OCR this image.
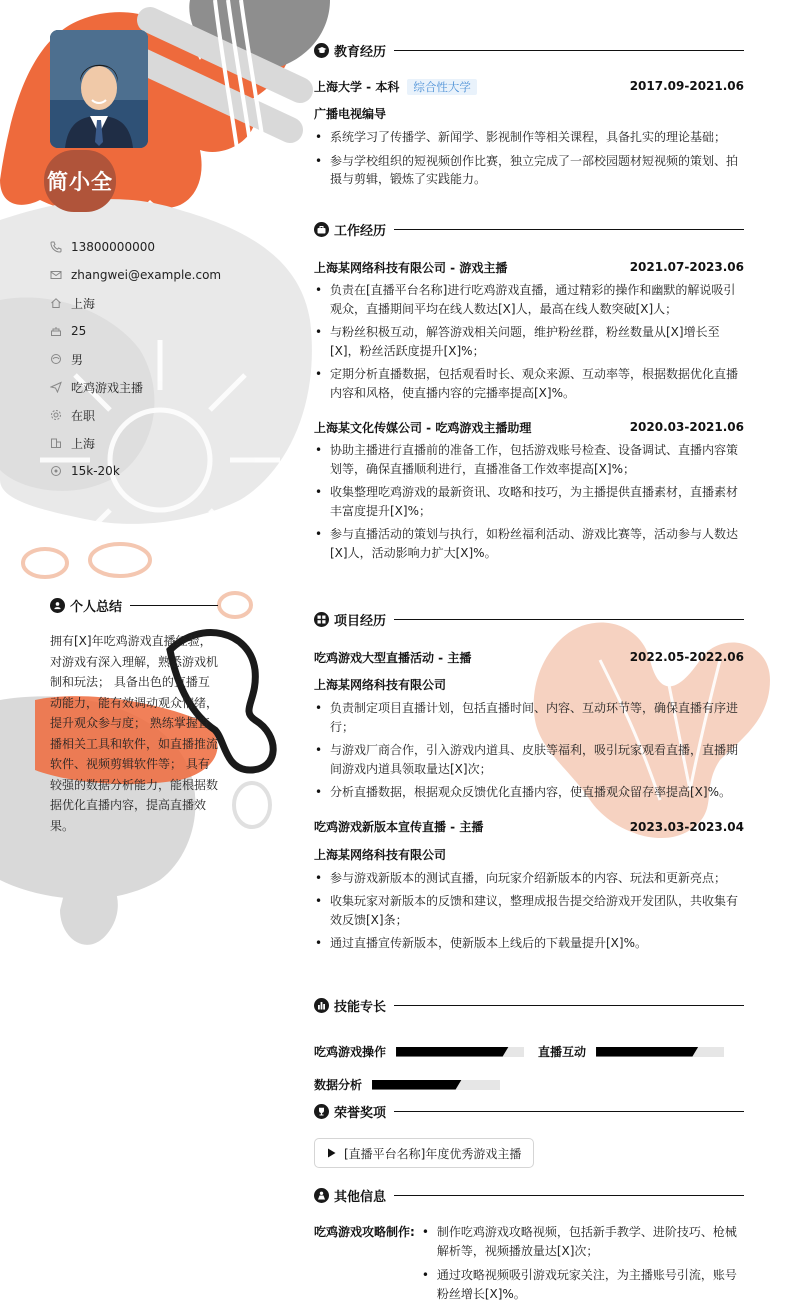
简小全
13800000000
zhangwei@example.com
上海
25
男
吃鸡游戏主播
在职
上海
15k-20k
个人总结
拥有[X]年吃鸡游戏直播经验，对游戏有深入理解，熟悉游戏机制和玩法； 具备出色的直播互动能力，能有效调动观众情绪，提升观众参与度； 熟练掌握直播相关工具和软件，如直播推流软件、视频剪辑软件等； 具有较强的数据分析能力，能根据数据优化直播内容，提高直播效果。
教育经历
上海大学 - 本科 综合性大学	2017.09-2021.06
广播电视编导
• 系统学习了传播学、新闻学、影视制作等相关课程，具备扎实的理论基础；
• 参与学校组织的短视频创作比赛，独立完成了一部校园题材短视频的策划、拍摄与剪辑，锻炼了实践能力。
工作经历
上海某网络科技有限公司 - 游戏主播	2021.07-2023.06
• 负责在[直播平台名称]进行吃鸡游戏直播，通过精彩的操作和幽默的解说吸引观众，直播期间平均在线人数达[X]人，最高在线人数突破[X]人；
• 与粉丝积极互动，解答游戏相关问题，维护粉丝群，粉丝数量从[X]增长至[X]，粉丝活跃度提升[X]%；
• 定期分析直播数据，包括观看时长、观众来源、互动率等，根据数据优化直播内容和风格，使直播内容的完播率提高[X]%。
上海某文化传媒公司 - 吃鸡游戏主播助理	2020.03-2021.06
• 协助主播进行直播前的准备工作，包括游戏账号检查、设备调试、直播内容策划等，确保直播顺利进行，直播准备工作效率提高[X]%；
• 收集整理吃鸡游戏的最新资讯、攻略和技巧，为主播提供直播素材，直播素材丰富度提升[X]%；
• 参与直播活动的策划与执行，如粉丝福利活动、游戏比赛等，活动参与人数达[X]人，活动影响力扩大[X]%。
项目经历
吃鸡游戏大型直播活动 - 主播	2022.05-2022.06
上海某网络科技有限公司
• 负责制定项目直播计划，包括直播时间、内容、互动环节等，确保直播有序进行；
• 与游戏厂商合作，引入游戏内道具、皮肤等福利，吸引玩家观看直播，直播期间游戏内道具领取量达[X]次；
• 分析直播数据，根据观众反馈优化直播内容，使直播观众留存率提高[X]%。
吃鸡游戏新版本宣传直播 - 主播	2023.03-2023.04
上海某网络科技有限公司
• 参与游戏新版本的测试直播，向玩家介绍新版本的内容、玩法和更新亮点；
• 收集玩家对新版本的反馈和建议，整理成报告提交给游戏开发团队，共收集有效反馈[X]条；
• 通过直播宣传新版本，使新版本上线后的下载量提升[X]%。
技能专长
吃鸡游戏操作	直播互动
数据分析
荣誉奖项
[直播平台名称]年度优秀游戏主播
其他信息
吃鸡游戏攻略制作:
•	制作吃鸡游戏攻略视频，包括新手教学、进阶技巧、枪械解析等，视频播放量达[X]次；
• 通过攻略视频吸引游戏玩家关注，为主播账号引流，账号粉丝增长[X]%。
